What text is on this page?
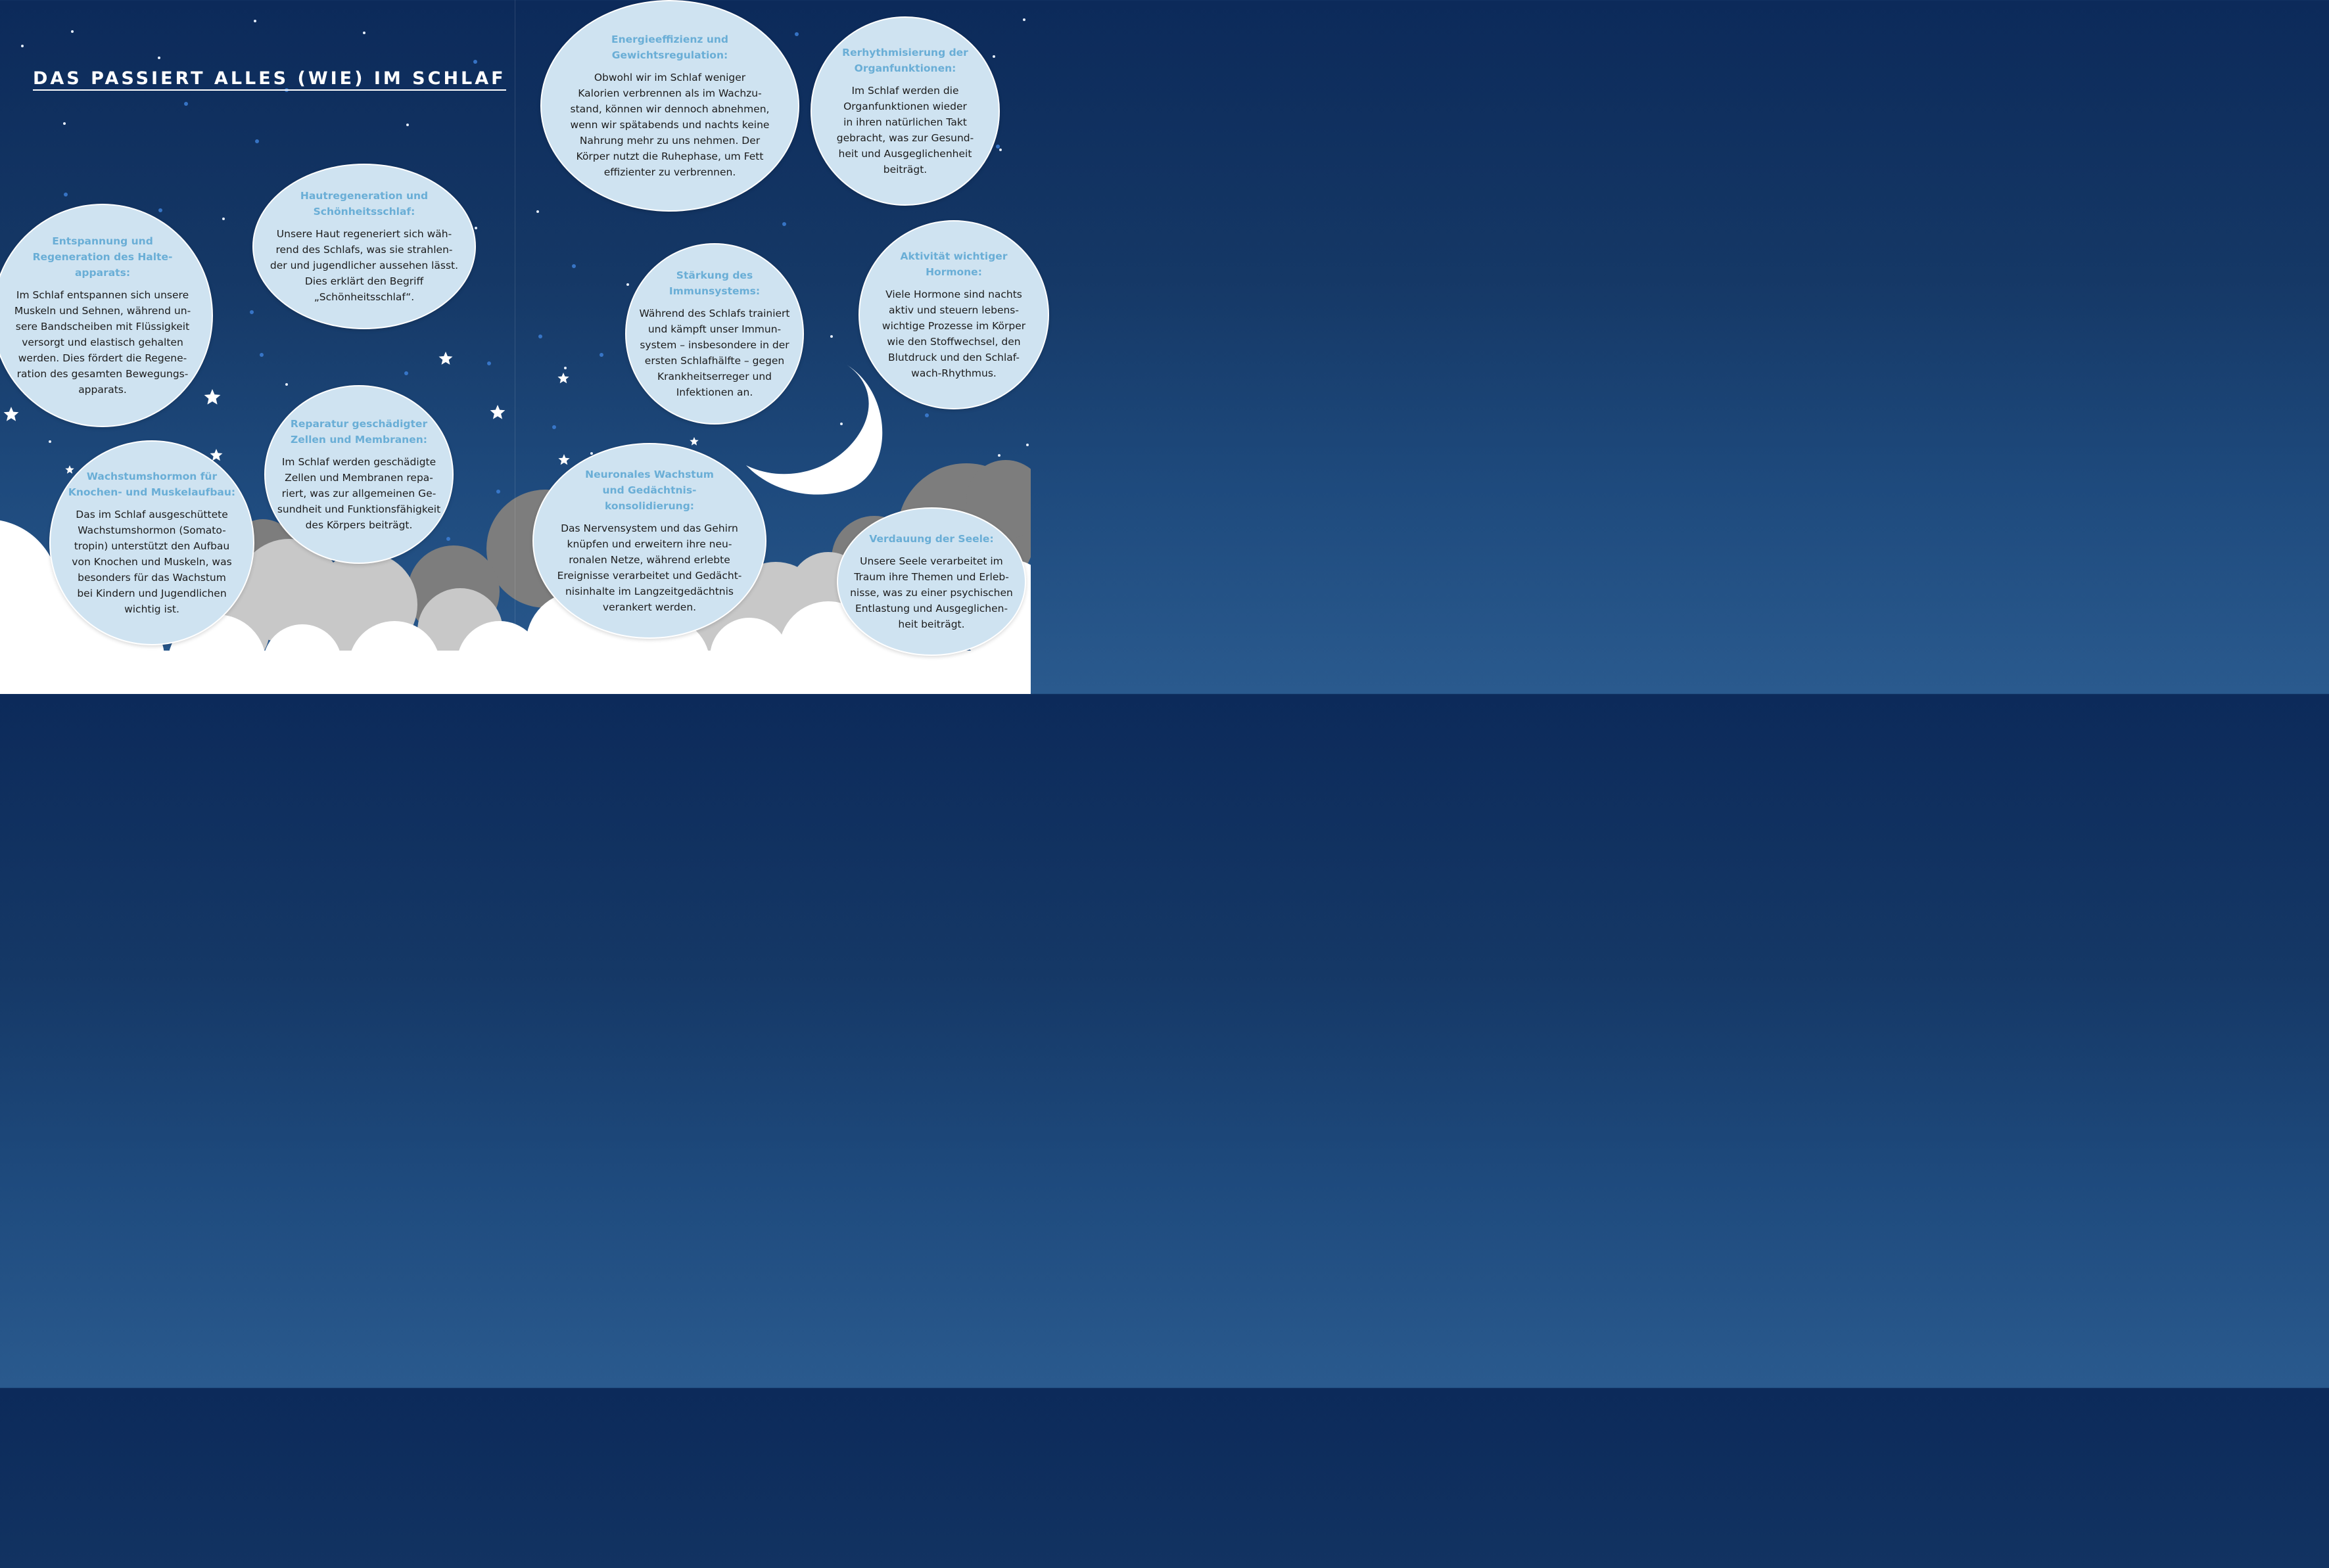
DAS PASSIERT ALLES (WIE) IM SCHLAF
Entspannung und
Regeneration des Halte-
apparats:

Im Schlaf entspannen sich unsere
Muskeln und Sehnen, während un-
sere Bandscheiben mit Flüssigkeit
versorgt und elastisch gehalten
werden. Dies fördert die Regene-
ration des gesamten Bewegungs-
apparats.

Hautregeneration und
Schönheitsschlaf:

Unsere Haut regeneriert sich wäh-
rend des Schlafs, was sie strahlen-
der und jugendlicher aussehen lässt.
Dies erklärt den Begriff
„Schönheitsschlaf“.

Wachstumshormon für
Knochen- und Muskelaufbau:

Das im Schlaf ausgeschüttete
Wachstumshormon (Somato-
tropin) unterstützt den Aufbau
von Knochen und Muskeln, was
besonders für das Wachstum
bei Kindern und Jugendlichen
wichtig ist.

Reparatur geschädigter
Zellen und Membranen:

Im Schlaf werden geschädigte
Zellen und Membranen repa-
riert, was zur allgemeinen Ge-
sundheit und Funktionsfähigkeit
des Körpers beiträgt.

Energieeffizienz und
Gewichtsregulation:

Obwohl wir im Schlaf weniger
Kalorien verbrennen als im Wachzu-
stand, können wir dennoch abnehmen,
wenn wir spätabends und nachts keine
Nahrung mehr zu uns nehmen. Der
Körper nutzt die Ruhephase, um Fett
effizienter zu verbrennen.

Rerhythmisierung der
Organfunktionen:

Im Schlaf werden die
Organfunktionen wieder
in ihren natürlichen Takt
gebracht, was zur Gesund-
heit und Ausgeglichenheit
beiträgt.

Stärkung des
Immunsystems:

Während des Schlafs trainiert
und kämpft unser Immun-
system – insbesondere in der
ersten Schlafhälfte – gegen
Krankheitserreger und
Infektionen an.

Aktivität wichtiger
Hormone:

Viele Hormone sind nachts
aktiv und steuern lebens-
wichtige Prozesse im Körper
wie den Stoffwechsel, den
Blutdruck und den Schlaf-
wach-Rhythmus.

Neuronales Wachstum
und Gedächtnis-
konsolidierung:

Das Nervensystem und das Gehirn
knüpfen und erweitern ihre neu-
ronalen Netze, während erlebte
Ereignisse verarbeitet und Gedächt-
nisinhalte im Langzeitgedächtnis
verankert werden.

Verdauung der Seele:

Unsere Seele verarbeitet im
Traum ihre Themen und Erleb-
nisse, was zu einer psychischen
Entlastung und Ausgeglichen-
heit beiträgt.
